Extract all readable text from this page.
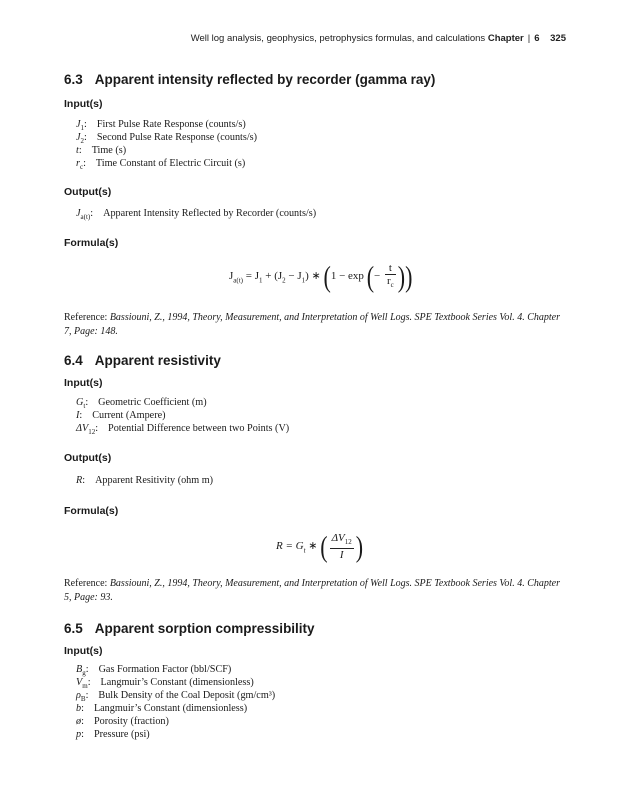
Well log analysis, geophysics, petrophysics formulas, and calculations Chapter | 6 325
6.3 Apparent intensity reflected by recorder (gamma ray)
Input(s)
$J_1$: First Pulse Rate Response (counts/s)
$J_2$: Second Pulse Rate Response (counts/s)
t: Time (s)
$r_c$: Time Constant of Electric Circuit (s)
Output(s)
$J_{a(t)}$: Apparent Intensity Reflected by Recorder (counts/s)
Formula(s)
$J_{a(t)} = J_1 + (J_2 - J_1)$ ∗ (1 − exp (− $\frac{t}{r_c}$ ))
Reference: Bassiouni, Z., 1994, Theory, Measurement, and Interpretation of Well Logs. SPE Textbook Series Vol. 4. Chapter 7, Page: 148.
6.4 Apparent resistivity
Input(s)
$G_t$: Geometric Coefficient (m)
I: Current (Ampere)
$\Delta V_{12}$: Potential Difference between two Points (V)
Output(s)
R: Apparent Resitivity (ohm m)
Formula(s)
$R = G_t$ ∗ ( $\frac{\Delta V_{12}}{I}$ )
Reference: Bassiouni, Z., 1994, Theory, Measurement, and Interpretation of Well Logs. SPE Textbook Series Vol. 4. Chapter 5, Page: 93.
6.5 Apparent sorption compressibility
Input(s)
$B_g$: Gas Formation Factor (bbl/SCF)
$V_m$: Langmuir’s Constant (dimensionless)
$\rho_B$: Bulk Density of the Coal Deposit (gm/cm³)
b: Langmuir’s Constant (dimensionless)
ø: Porosity (fraction)
p: Pressure (psi)
